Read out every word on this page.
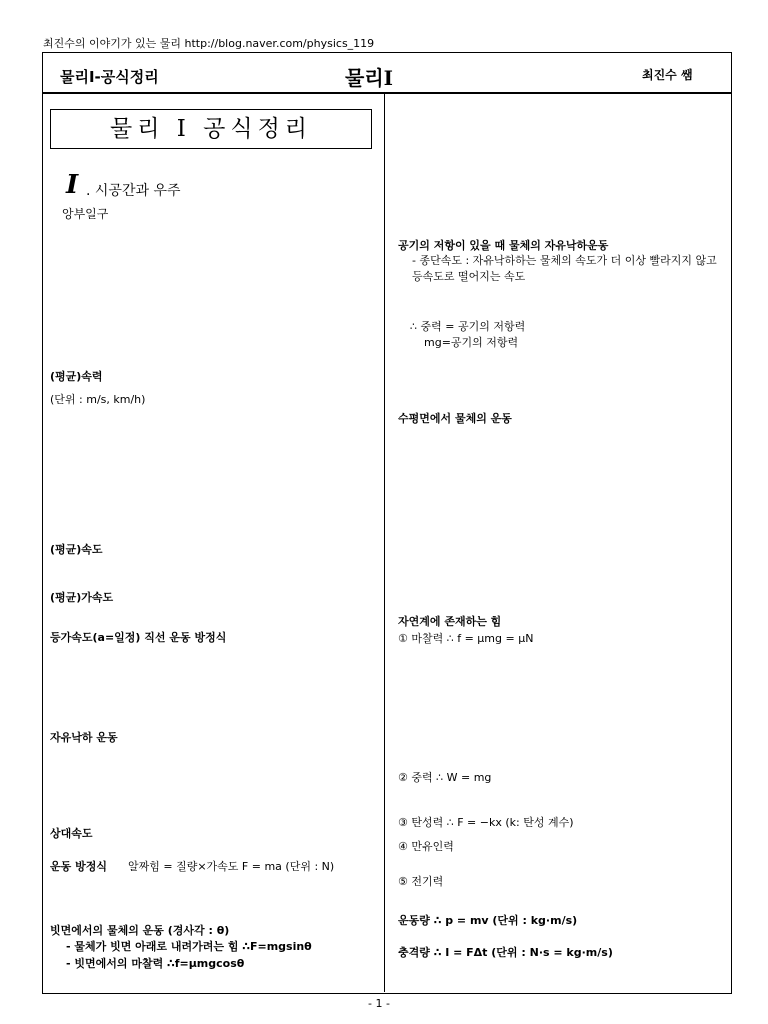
최진수의 이야기가 있는 물리 http://blog.naver.com/physics_119
물리Ⅰ-공식정리	물리Ⅰ	최진수 쌤
물리 Ⅰ 공식정리
Ⅰ . 시공간과 우주
앙부일구
(평균)속력
(단위 : m/s, km/h)
(평균)속도
(평균)가속도
등가속도(a=일정) 직선 운동 방정식
자유낙하 운동
상대속도
운동 방정식 알짜힘 = 질량×가속도 F = ma (단위 : N)
빗면에서의 물체의 운동 (경사각 : θ)
- 물체가 빗면 아래로 내려가려는 힘 ∴F=mgsinθ
- 빗면에서의 마찰력 ∴f=μmgcosθ
공기의 저항이 있을 때 물체의 자유낙하운동
- 종단속도 : 자유낙하하는 물체의 속도가 더 이상 빨라지지 않고 등속도로 떨어지는 속도
∴ 중력 = 공기의 저항력
mg=공기의 저항력
수평면에서 물체의 운동
자연계에 존재하는 힘
① 마찰력 ∴ f = μmg = μN
② 중력 ∴ W = mg
③ 탄성력 ∴ F = −kx (k: 탄성 계수)
④ 만유인력
⑤ 전기력
운동량 ∴ p = mv (단위 : kg·m/s)
충격량 ∴ I = FΔt (단위 : N·s = kg·m/s)
- 1 -
